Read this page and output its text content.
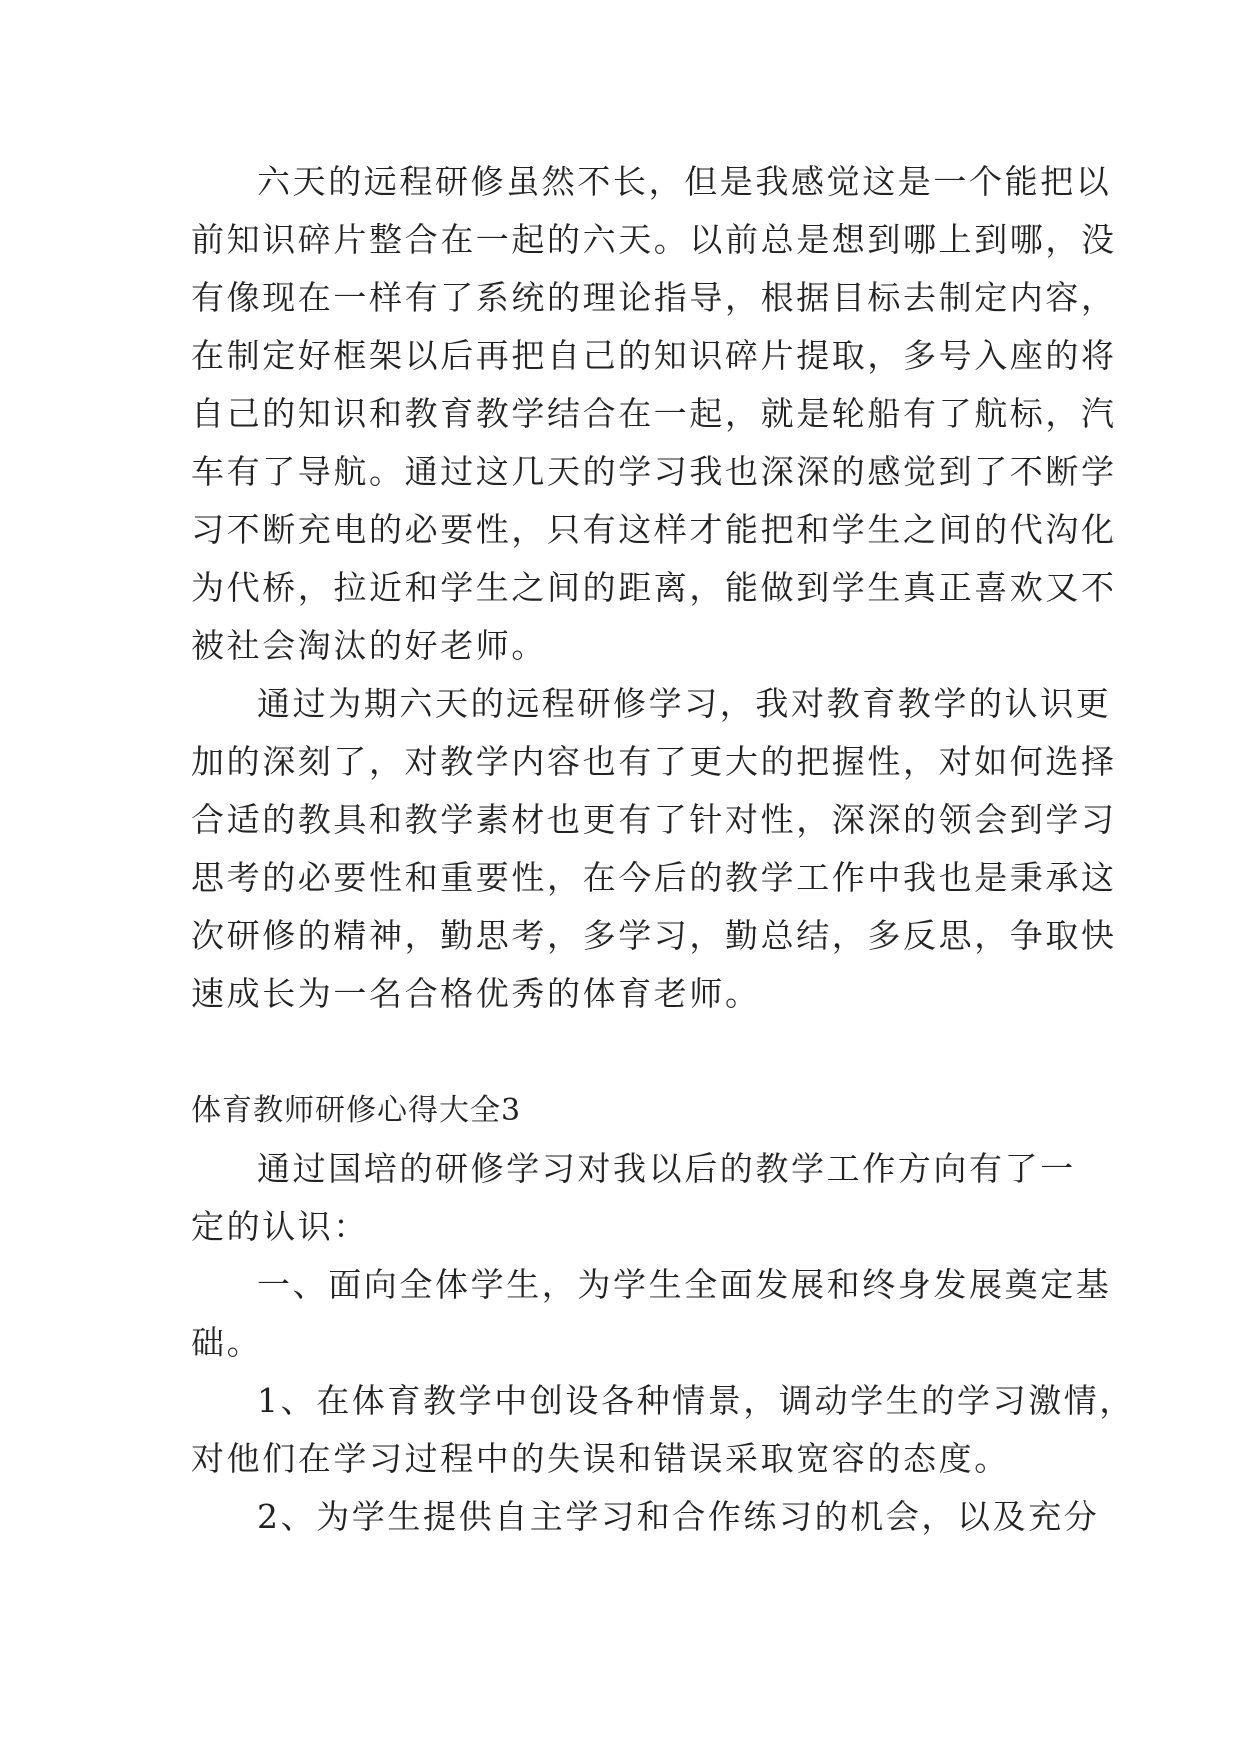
六天的远程研修虽然不长，但是我感觉这是一个能把以
前知识碎片整合在一起的六天。以前总是想到哪上到哪，没
有像现在一样有了系统的理论指导，根据目标去制定内容，
在制定好框架以后再把自己的知识碎片提取，多号入座的将
自己的知识和教育教学结合在一起，就是轮船有了航标，汽
车有了导航。通过这几天的学习我也深深的感觉到了不断学
习不断充电的必要性，只有这样才能把和学生之间的代沟化
为代桥，拉近和学生之间的距离，能做到学生真正喜欢又不
被社会淘汰的好老师。
通过为期六天的远程研修学习，我对教育教学的认识更
加的深刻了，对教学内容也有了更大的把握性，对如何选择
合适的教具和教学素材也更有了针对性，深深的领会到学习
思考的必要性和重要性，在今后的教学工作中我也是秉承这
次研修的精神，勤思考，多学习，勤总结，多反思，争取快
速成长为一名合格优秀的体育老师。
体育教师研修心得大全3
通过国培的研修学习对我以后的教学工作方向有了一
定的认识：
一、面向全体学生，为学生全面发展和终身发展奠定基
础。
1、在体育教学中创设各种情景，调动学生的学习激情，
对他们在学习过程中的失误和错误采取宽容的态度。
2、为学生提供自主学习和合作练习的机会，以及充分
